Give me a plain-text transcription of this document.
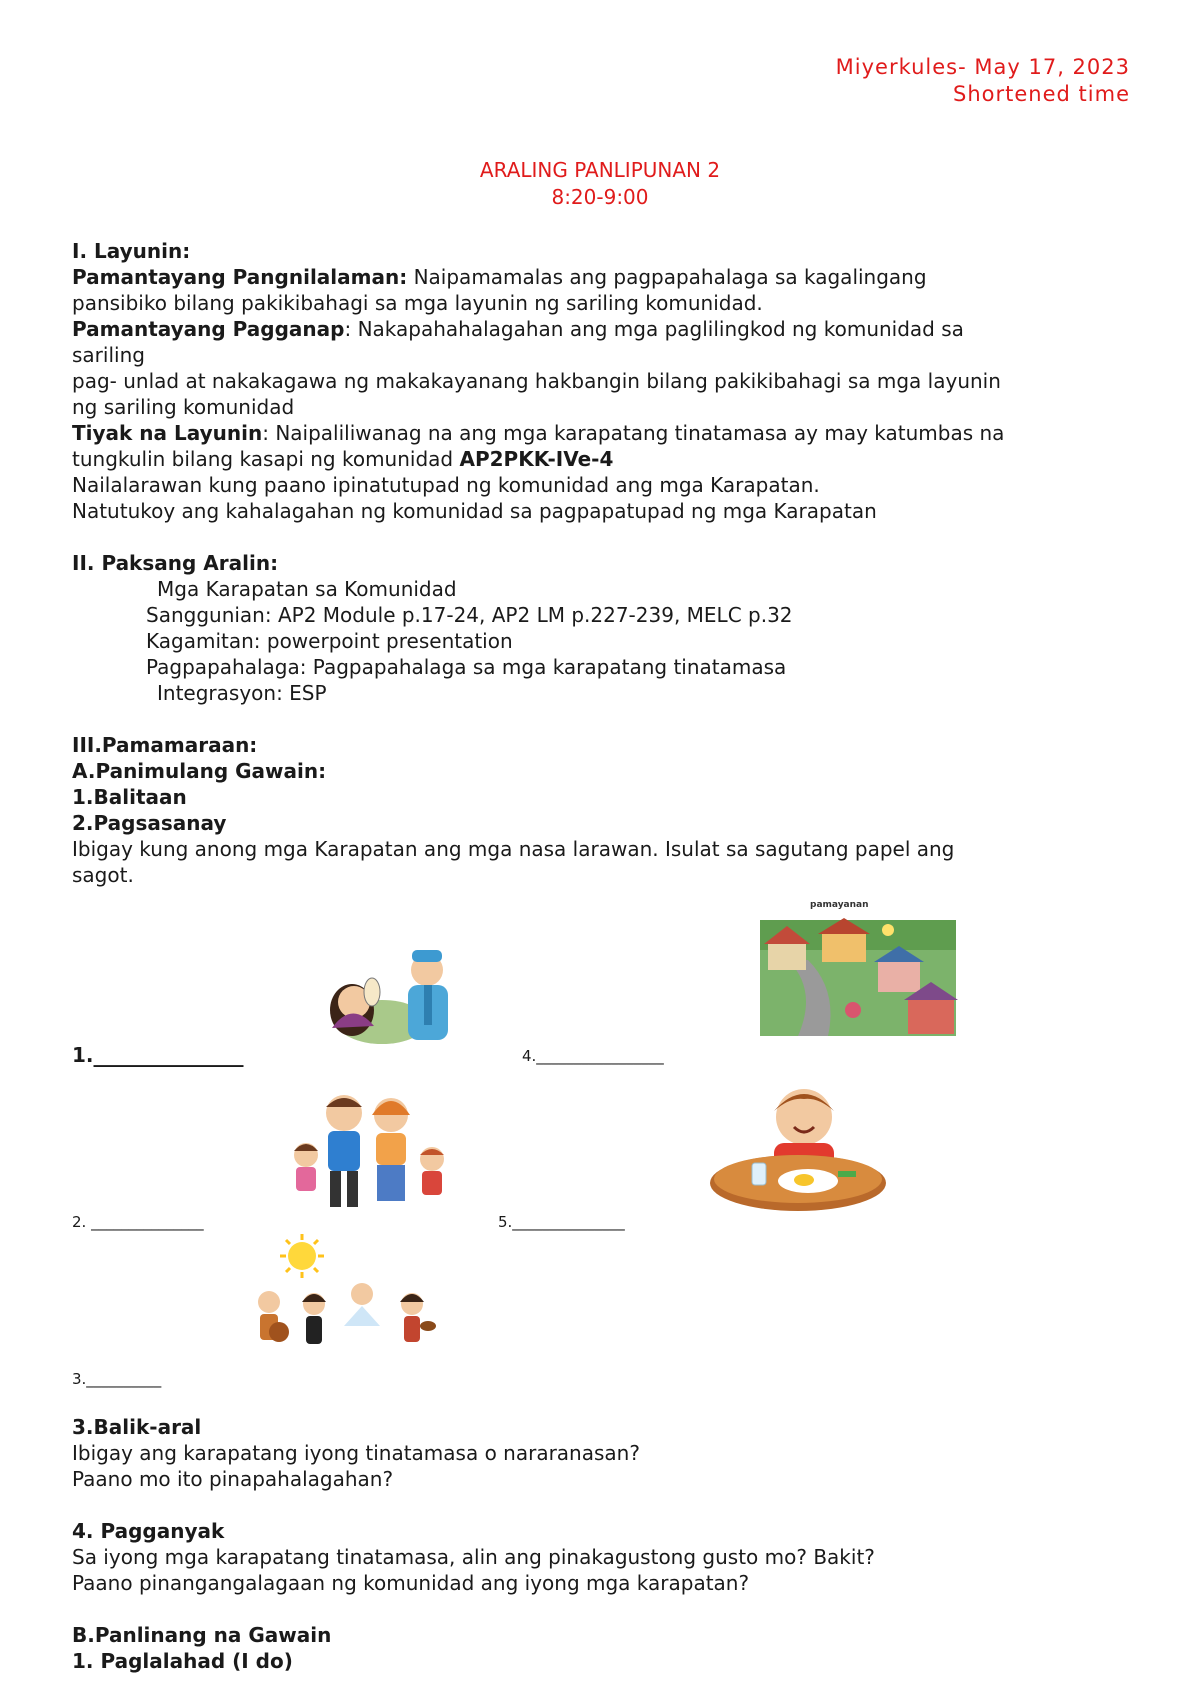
Miyerkules- May 17, 2023
Shortened time
ARALING PANLIPUNAN 2
8:20-9:00
I. Layunin:
Pamantayang Pangnilalaman: Naipamamalas ang pagpapahalaga sa kagalingang
pansibiko bilang pakikibahagi sa mga layunin ng sariling komunidad.
Pamantayang Pagganap: Nakapahahalagahan ang mga paglilingkod ng komunidad sa
sariling
pag- unlad at nakakagawa ng makakayanang hakbangin bilang pakikibahagi sa mga layunin
ng sariling komunidad
Tiyak na Layunin: Naipaliliwanag na ang mga karapatang tinatamasa ay may katumbas na
tungkulin bilang kasapi ng komunidad AP2PKK-IVe-4
Nailalarawan kung paano ipinatutupad ng komunidad ang mga Karapatan.
Natutukoy ang kahalagahan ng komunidad sa pagpapatupad ng mga Karapatan
II. Paksang Aralin:
Mga Karapatan sa Komunidad
Sanggunian: AP2 Module p.17-24, AP2 LM p.227-239, MELC p.32
Kagamitan: powerpoint presentation
Pagpapahalaga: Pagpapahalaga sa mga karapatang tinatamasa
Integrasyon: ESP
III.Pamamaraan:
A.Panimulang Gawain:
1.Balitaan
2.Pagsasanay
Ibigay kung anong mga Karapatan ang mga nasa larawan. Isulat sa sagutang papel ang
sagot.
pamayanan
1._______________	4._________________
2. _______________	5._______________
3.__________
3.Balik-aral
Ibigay ang karapatang iyong tinatamasa o nararanasan?
Paano mo ito pinapahalagahan?
4. Pagganyak
Sa iyong mga karapatang tinatamasa, alin ang pinakagustong gusto mo? Bakit?
Paano pinangangalagaan ng komunidad ang iyong mga karapatan?
B.Panlinang na Gawain
1. Paglalahad (I do)
